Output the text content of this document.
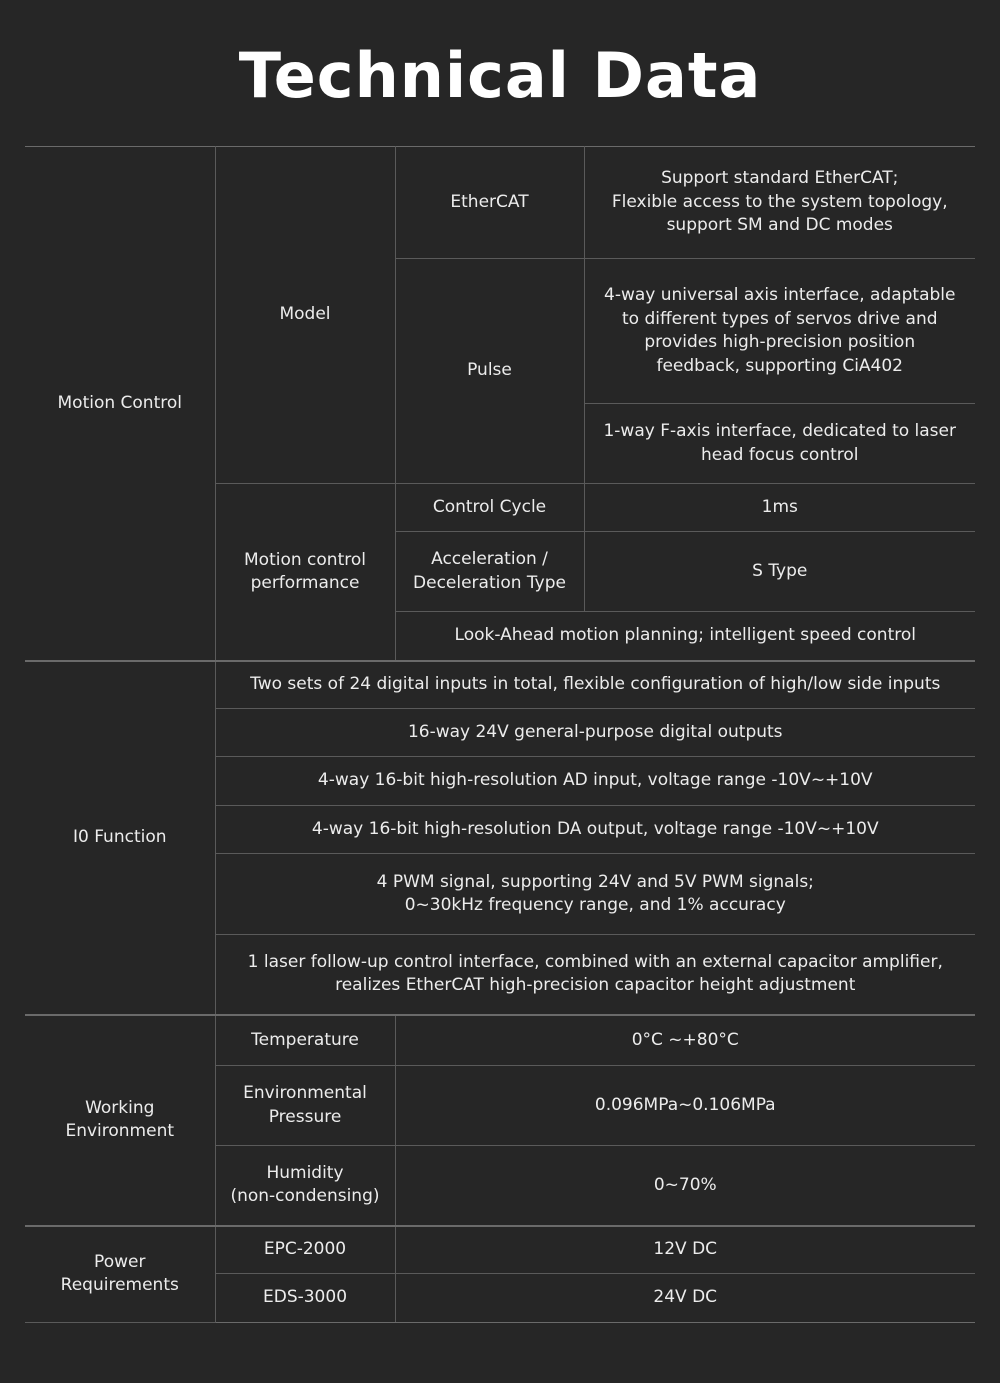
Technical Data
Motion Control	Model	EtherCAT	Support standard EtherCAT;
Flexible access to the system topology,
support SM and DC modes

		Pulse	4-way universal axis interface, adaptable
to different types of servos drive and
provides high-precision position
feedback, supporting CiA402

			1-way F-axis interface, dedicated to laser
head focus control

	Motion control
performance	Control Cycle	1ms

		Acceleration /
Deceleration Type	S Type
		Look-Ahead motion planning; intelligent speed control	

I0 Function	Two sets of 24 digital inputs in total, flexible configuration of high/low side inputs		

	16-way 24V general-purpose digital outputs		

	4-way 16-bit high-resolution AD input, voltage range -10V~+10V		

	4-way 16-bit high-resolution DA output, voltage range -10V~+10V		

	4 PWM signal, supporting 24V and 5V PWM signals;
0~30kHz frequency range, and 1% accuracy		

	1 laser follow-up control interface, combined with an external capacitor amplifier,
realizes EtherCAT high-precision capacitor height adjustment		

Working
Environment	Temperature	0°C ~+80°C	

	Environmental
Pressure	0.096MPa~0.106MPa	

	Humidity
(non-condensing)	0~70%	

Power
Requirements	EPC-2000	12V DC	
	EDS-3000	24V DC	
